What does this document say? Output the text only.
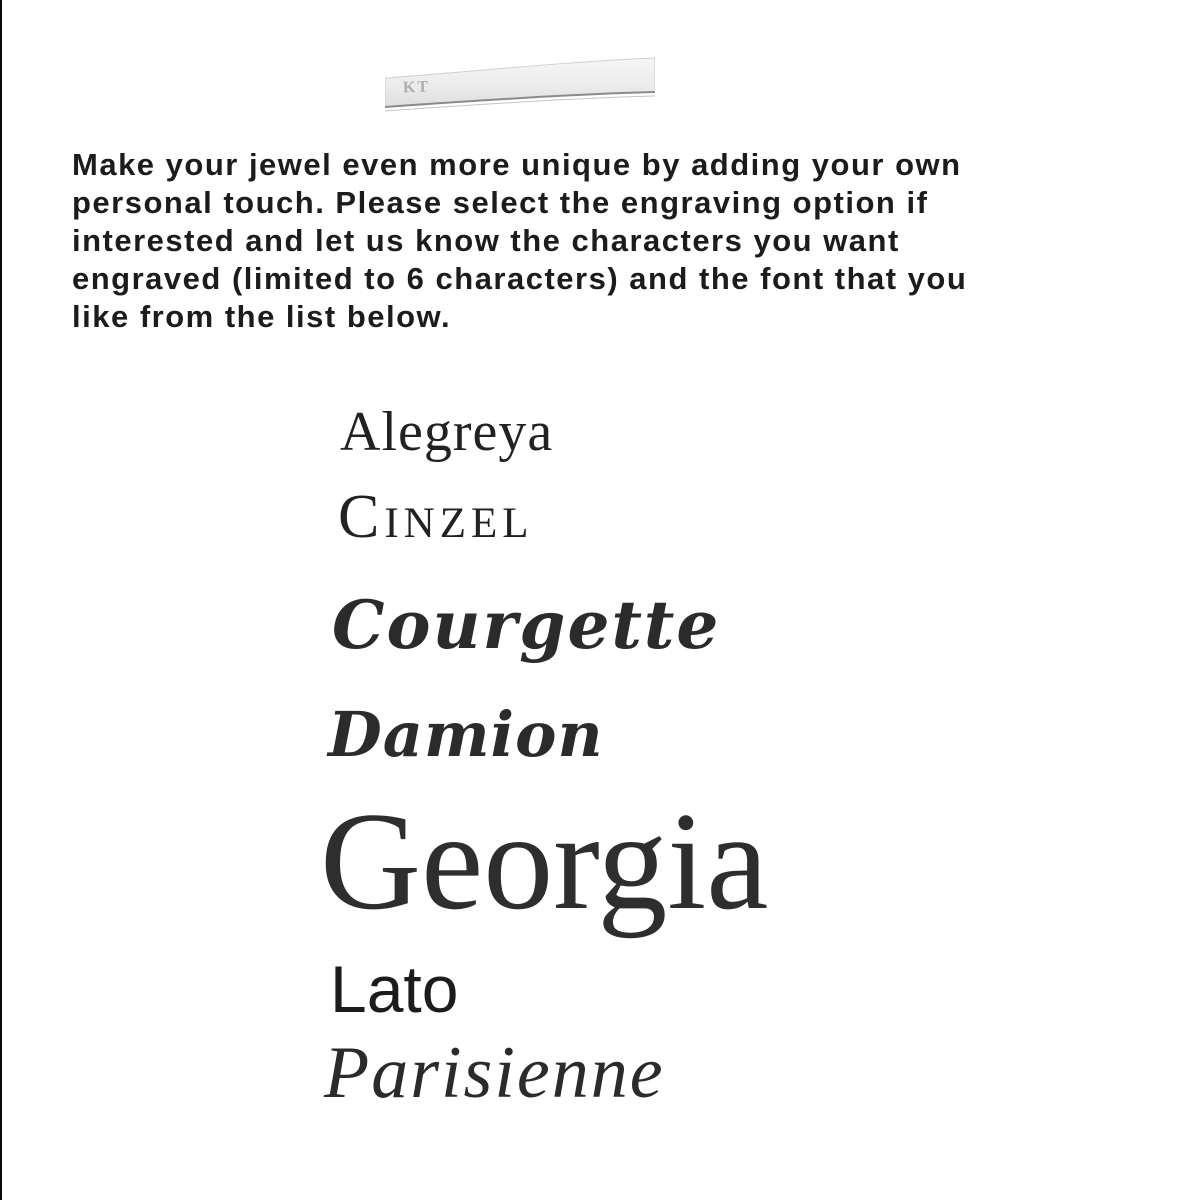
KT
Make your jewel even more unique by adding your own
personal touch. Please select the engraving option if
interested and let us know the characters you want
engraved (limited to 6 characters) and the font that you
like from the list below.
Alegreya
Cinzel
Courgette
Damion
Georgia
Lato
Parisienne
